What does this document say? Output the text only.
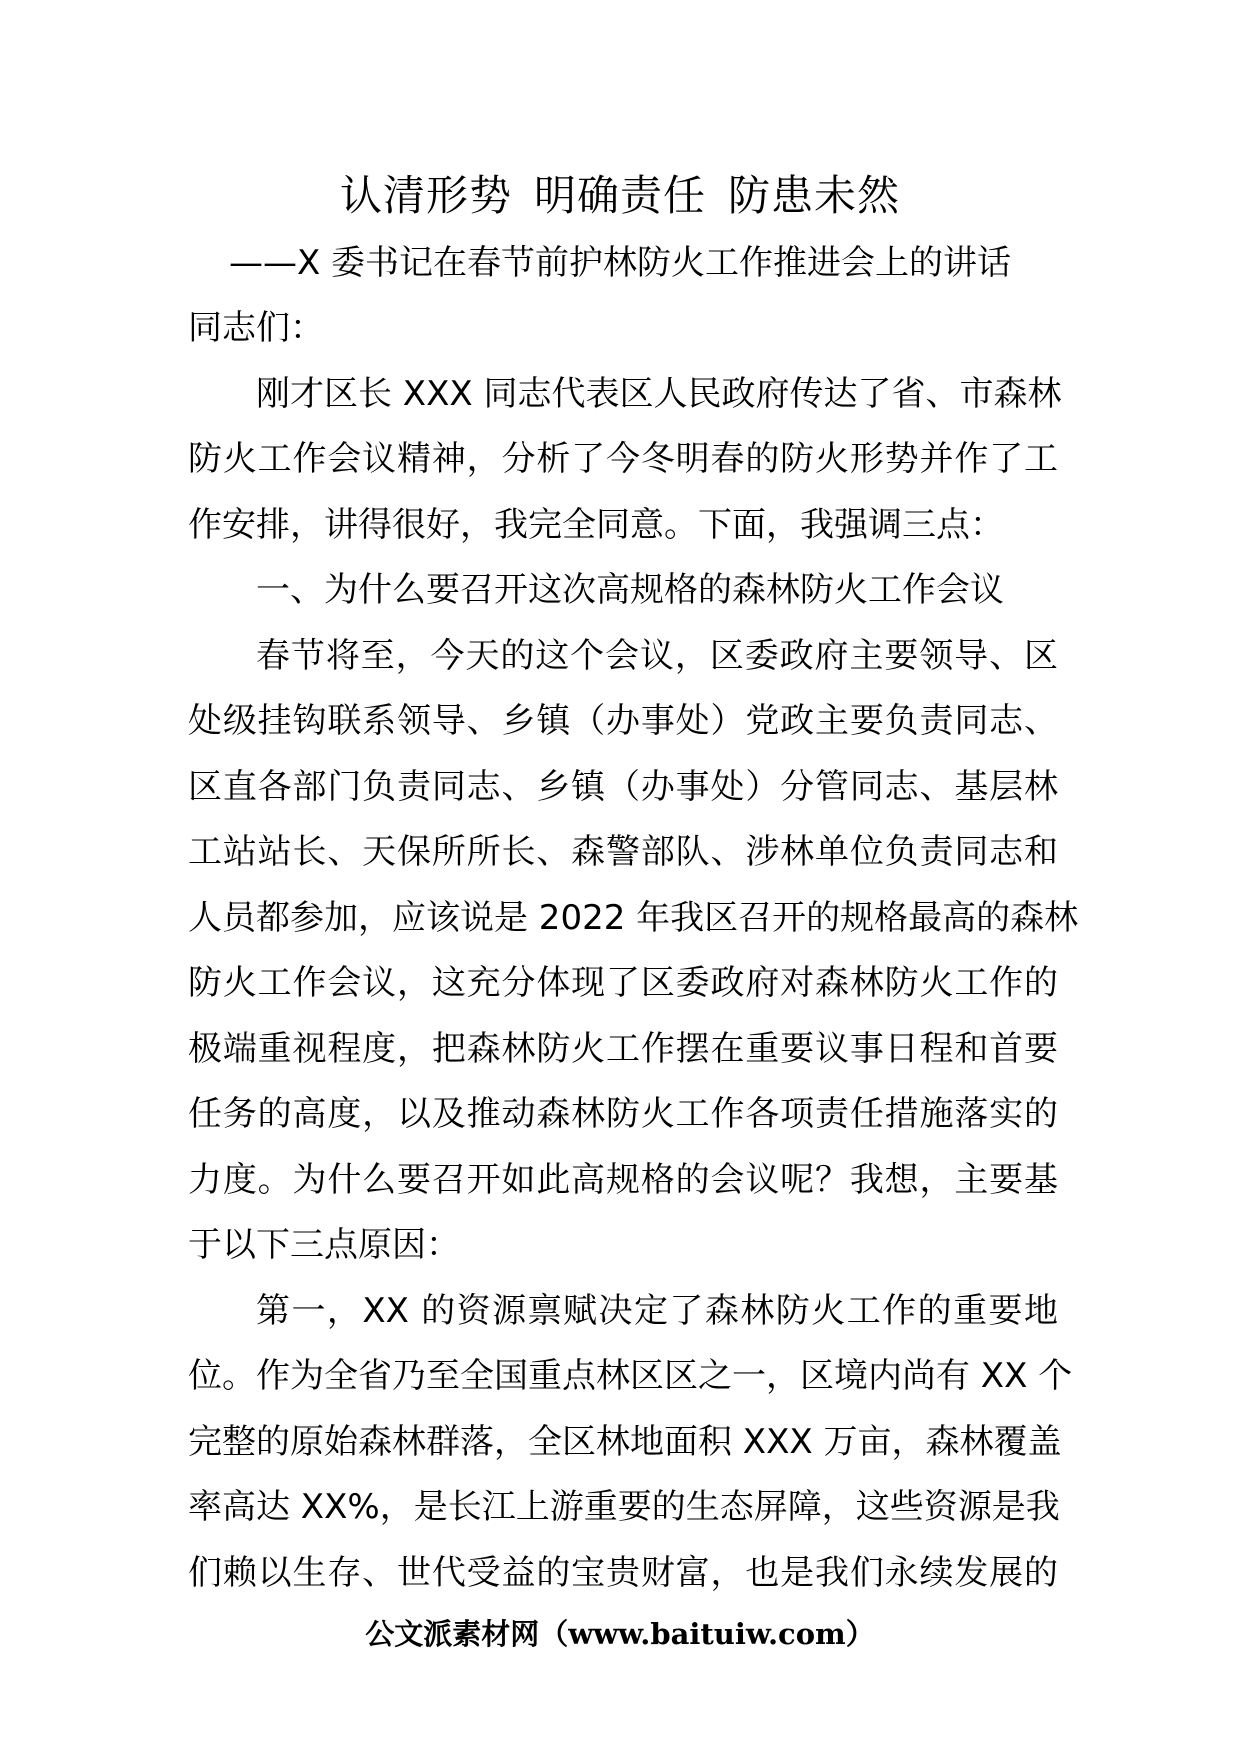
认清形势 明确责任 防患未然
——X 委书记在春节前护林防火工作推进会上的讲话
同志们：
刚才区长 XXX 同志代表区人民政府传达了省、市森林
防火工作会议精神，分析了今冬明春的防火形势并作了工
作安排，讲得很好，我完全同意。下面，我强调三点：
一、为什么要召开这次高规格的森林防火工作会议
春节将至，今天的这个会议，区委政府主要领导、区
处级挂钩联系领导、乡镇（办事处）党政主要负责同志、
区直各部门负责同志、乡镇（办事处）分管同志、基层林
工站站长、天保所所长、森警部队、涉林单位负责同志和
人员都参加，应该说是 2022 年我区召开的规格最高的森林
防火工作会议，这充分体现了区委政府对森林防火工作的
极端重视程度，把森林防火工作摆在重要议事日程和首要
任务的高度，以及推动森林防火工作各项责任措施落实的
力度。为什么要召开如此高规格的会议呢？我想，主要基
于以下三点原因：
第一，XX 的资源禀赋决定了森林防火工作的重要地
位。作为全省乃至全国重点林区区之一，区境内尚有 XX 个
完整的原始森林群落，全区林地面积 XXX 万亩，森林覆盖
率高达 XX%，是长江上游重要的生态屏障，这些资源是我
们赖以生存、世代受益的宝贵财富，也是我们永续发展的
公文派素材网（www.baituiw.com）
